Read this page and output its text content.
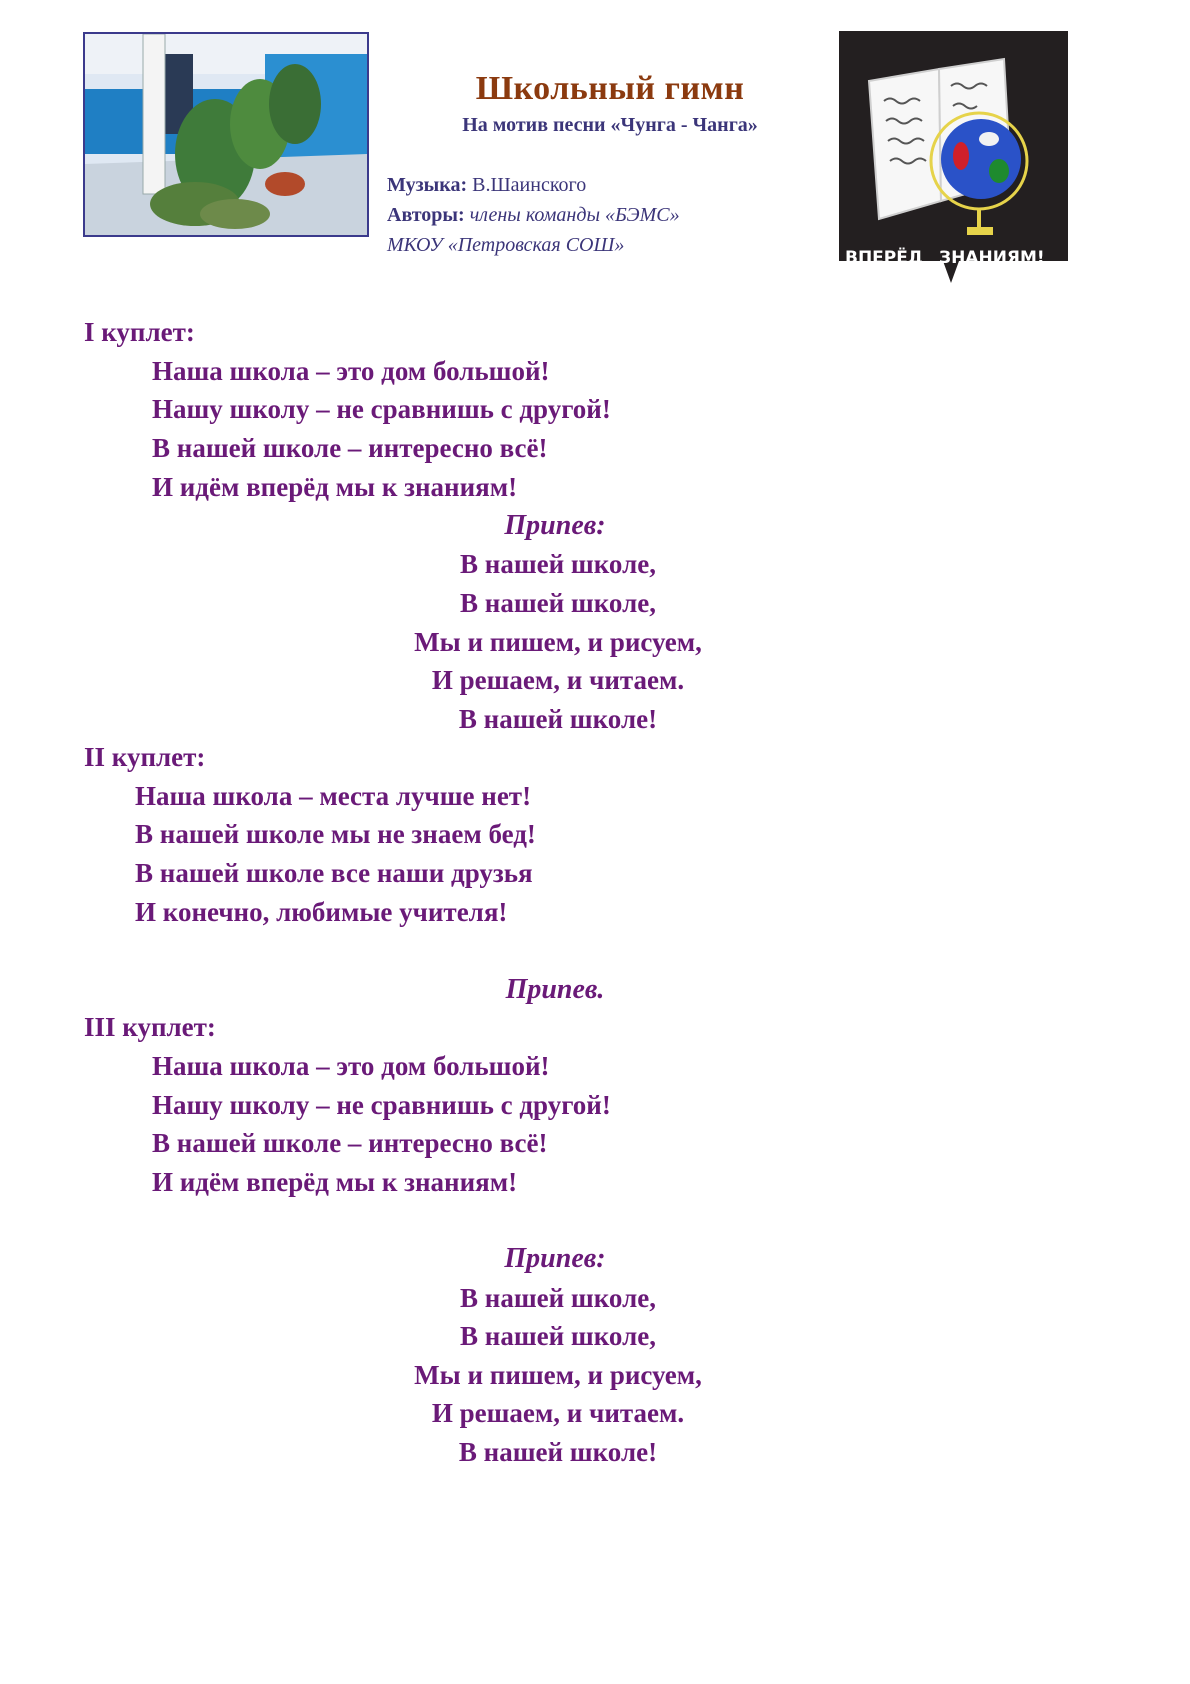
Школьный гимн
На мотив песни «Чунга - Чанга»
Музыка: В.Шаинского
Авторы: члены команды «БЭМС»
МКОУ «Петровская СОШ»
ВПЕРЁД к ЗНАНИЯМ!
I куплет:
Наша школа – это дом большой!
Нашу школу – не сравнишь с другой!
В нашей школе – интересно всё!
И идём вперёд мы к знаниям!
Припев:
В нашей школе,
В нашей школе,
Мы и пишем, и рисуем,
И решаем, и читаем.
В нашей школе!
II куплет:
Наша школа – места лучше нет!
В нашей школе мы не знаем бед!
В нашей школе все наши друзья
И конечно, любимые учителя!
Припев.
III куплет:
Наша школа – это дом большой!
Нашу школу – не сравнишь с другой!
В нашей школе – интересно всё!
И идём вперёд мы к знаниям!
Припев:
В нашей школе,
В нашей школе,
Мы и пишем, и рисуем,
И решаем, и читаем.
В нашей школе!
